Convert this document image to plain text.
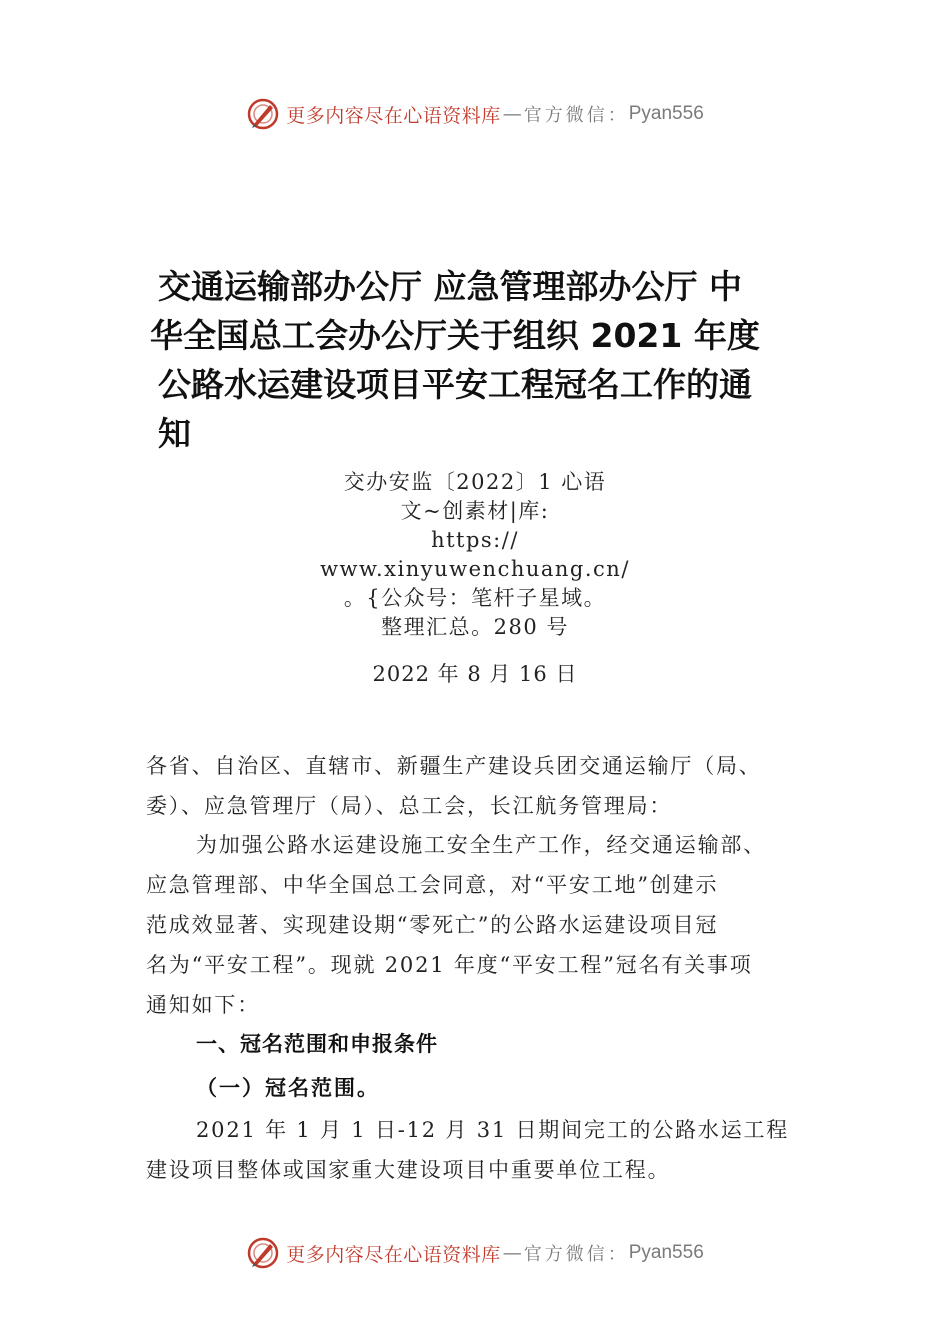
更多内容尽在心语资料库 — 官方微信： Pyan556
交通运输部办公厅 应急管理部办公厅 中
华全国总工会办公厅关于组织 2021 年度
公路水运建设项目平安工程冠名工作的通
知
交办安监〔2022〕1 心语
文~创素材|库:
https://
www.xinyuwenchuang.cn/
。{公众号：笔杆子星域。
整理汇总。280 号
2022 年 8 月 16 日
各省、自治区、直辖市、新疆生产建设兵团交通运输厅（局、
委）、应急管理厅（局）、总工会，长江航务管理局：
为加强公路水运建设施工安全生产工作，经交通运输部、
应急管理部、中华全国总工会同意，对“平安工地”创建示
范成效显著、实现建设期“零死亡”的公路水运建设项目冠
名为“平安工程”。现就 2021 年度“平安工程”冠名有关事项
通知如下：
一、冠名范围和申报条件
（一）冠名范围。
2021 年 1 月 1 日-12 月 31 日期间完工的公路水运工程
建设项目整体或国家重大建设项目中重要单位工程。
更多内容尽在心语资料库 — 官方微信： Pyan556
